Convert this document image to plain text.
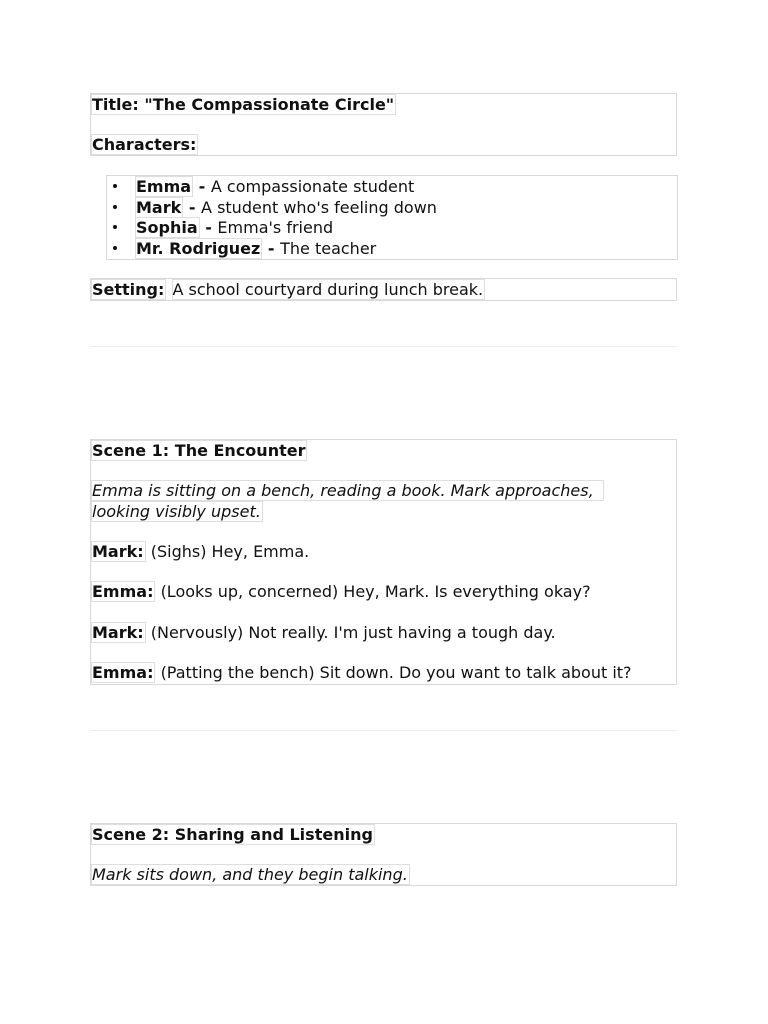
Title: "The Compassionate Circle"
Characters:
Emma - A compassionate student
Mark - A student who's feeling down
Sophia - Emma's friend
Mr. Rodriguez - The teacher
Setting: A school courtyard during lunch break.
Scene 1: The Encounter
Emma is sitting on a bench, reading a book. Mark approaches,
looking visibly upset.
Mark: (Sighs) Hey, Emma.
Emma: (Looks up, concerned) Hey, Mark. Is everything okay?
Mark: (Nervously) Not really. I'm just having a tough day.
Emma: (Patting the bench) Sit down. Do you want to talk about it?
Scene 2: Sharing and Listening
Mark sits down, and they begin talking.
